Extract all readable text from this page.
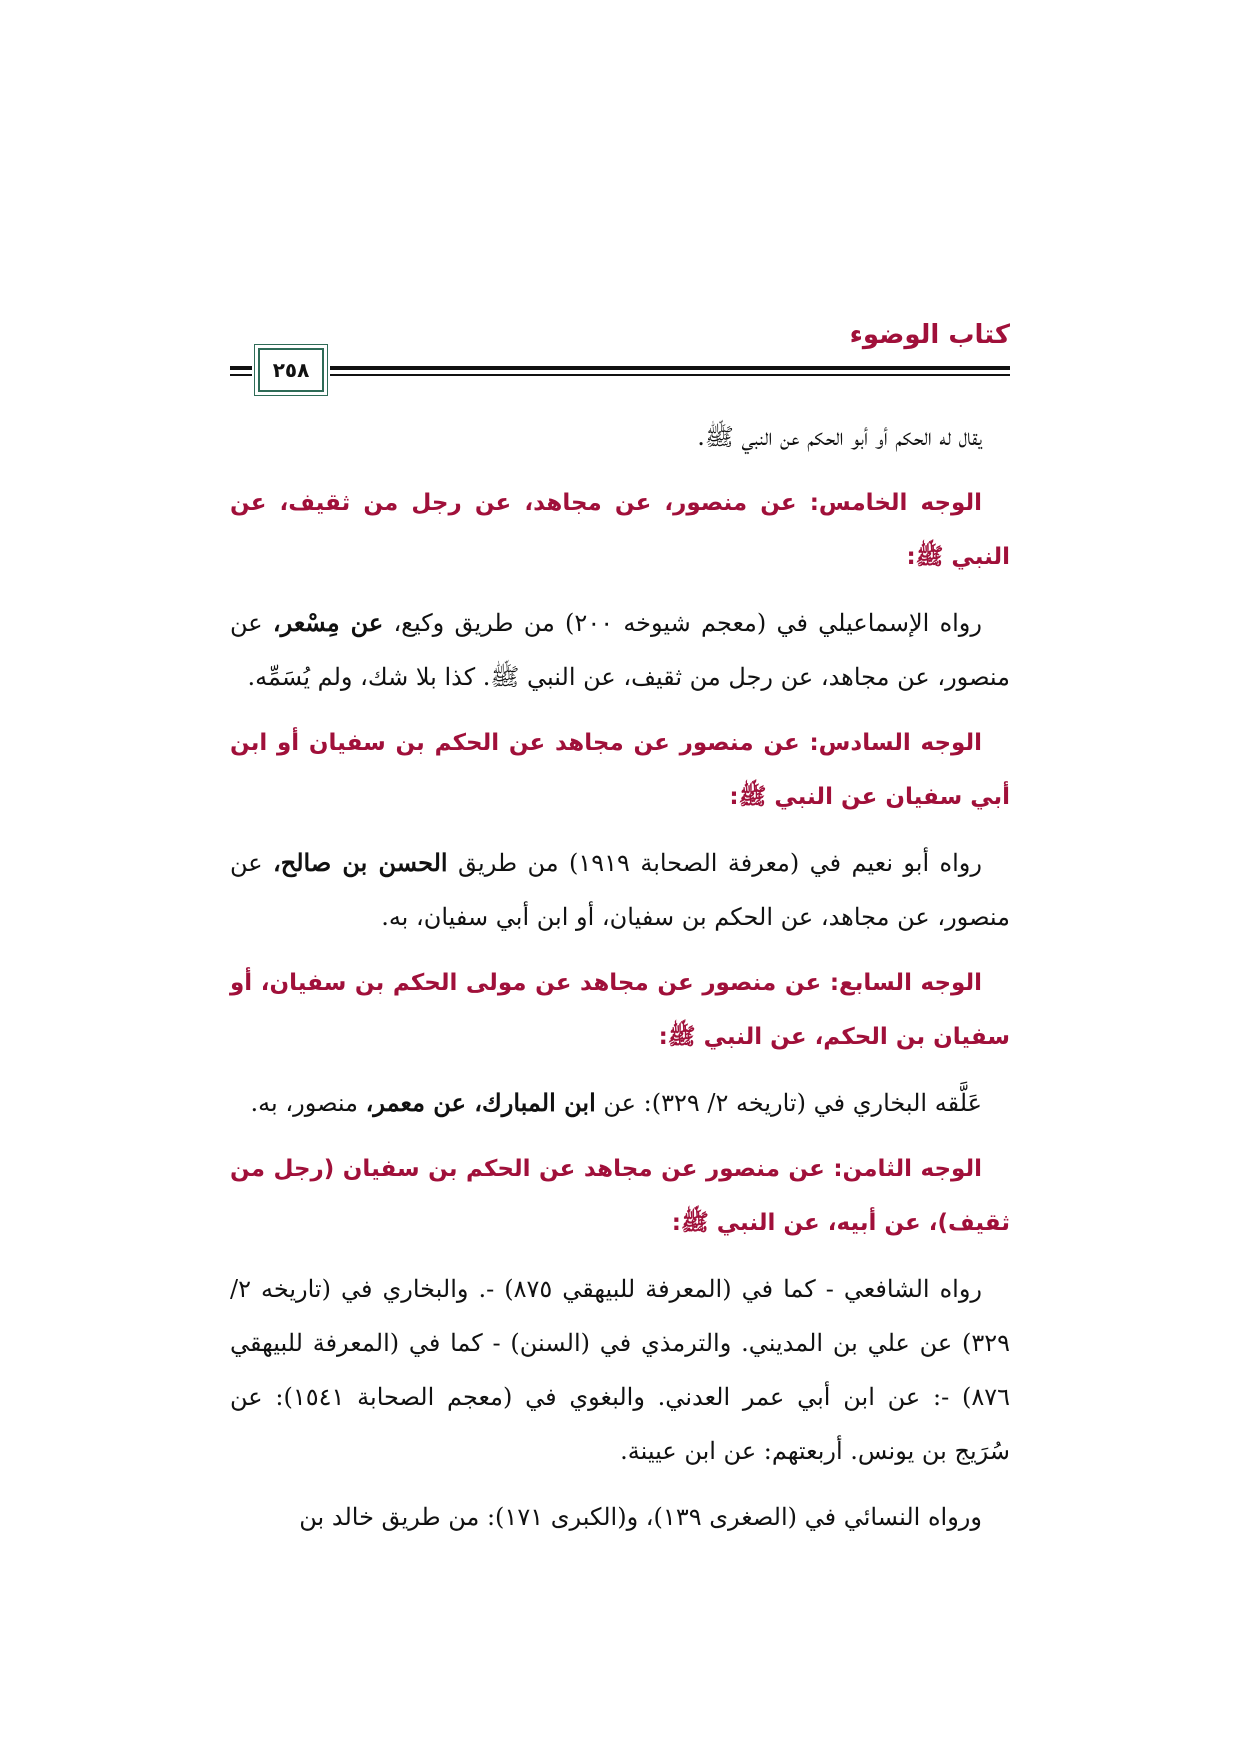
كتاب الوضوء
٢٥٨

يقال له الحكم أو أبو الحكم عن النبي ﷺ.

الوجه الخامس: عن منصور، عن مجاهد، عن رجل من ثقيف، عن النبي ﷺ:

رواه الإسماعيلي في (معجم شيوخه ٢٠٠) من طريق وكيع، عن مِسْعر، عن منصور، عن مجاهد، عن رجل من ثقيف، عن النبي ﷺ. كذا بلا شك، ولم يُسَمِّه.

الوجه السادس: عن منصور عن مجاهد عن الحكم بن سفيان أو ابن أبي سفيان عن النبي ﷺ:

رواه أبو نعيم في (معرفة الصحابة ١٩١٩) من طريق الحسن بن صالح، عن منصور، عن مجاهد، عن الحكم بن سفيان، أو ابن أبي سفيان، به.

الوجه السابع: عن منصور عن مجاهد عن مولى الحكم بن سفيان، أو سفيان بن الحكم، عن النبي ﷺ:

عَلَّقه البخاري في (تاريخه ٢/ ٣٢٩): عن ابن المبارك، عن معمر، منصور، به.

الوجه الثامن: عن منصور عن مجاهد عن الحكم بن سفيان (رجل من ثقيف)، عن أبيه، عن النبي ﷺ:

رواه الشافعي - كما في (المعرفة للبيهقي ٨٧٥) -. والبخاري في (تاريخه ٢/ ٣٢٩) عن علي بن المديني. والترمذي في (السنن) - كما في (المعرفة للبيهقي ٨٧٦) -: عن ابن أبي عمر العدني. والبغوي في (معجم الصحابة ١٥٤١): عن سُرَيج بن يونس. أربعتهم: عن ابن عيينة.

ورواه النسائي في (الصغرى ١٣٩)، و(الكبرى ١٧١): من طريق خالد بن
